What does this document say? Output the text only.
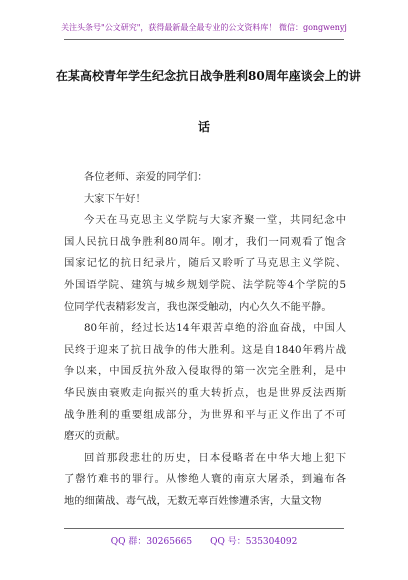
关注头条号"公文研究"，获得最新最全最专业的公文资料库！ 微信：gongwenyj
在某高校青年学生纪念抗日战争胜利80周年座谈会上的讲
话
各位老师、亲爱的同学们：
大家下午好！
今天在马克思主义学院与大家齐聚一堂，共同纪念中
国人民抗日战争胜利80周年。刚才，我们一同观看了饱含
国家记忆的抗日纪录片，随后又聆听了马克思主义学院、
外国语学院、建筑与城乡规划学院、法学院等4个学院的5
位同学代表精彩发言，我也深受触动，内心久久不能平静。
80年前，经过长达14年艰苦卓绝的浴血奋战，中国人
民终于迎来了抗日战争的伟大胜利。这是自1840年鸦片战
争以来，中国反抗外敌入侵取得的第一次完全胜利，是中
华民族由衰败走向振兴的重大转折点，也是世界反法西斯
战争胜利的重要组成部分，为世界和平与正义作出了不可
磨灭的贡献。
回首那段悲壮的历史，日本侵略者在中华大地上犯下
了罄竹难书的罪行。从惨绝人寰的南京大屠杀，到遍布各
地的细菌战、毒气战，无数无辜百姓惨遭杀害，大量文物
QQ 群：30265665 QQ 号：535304092
